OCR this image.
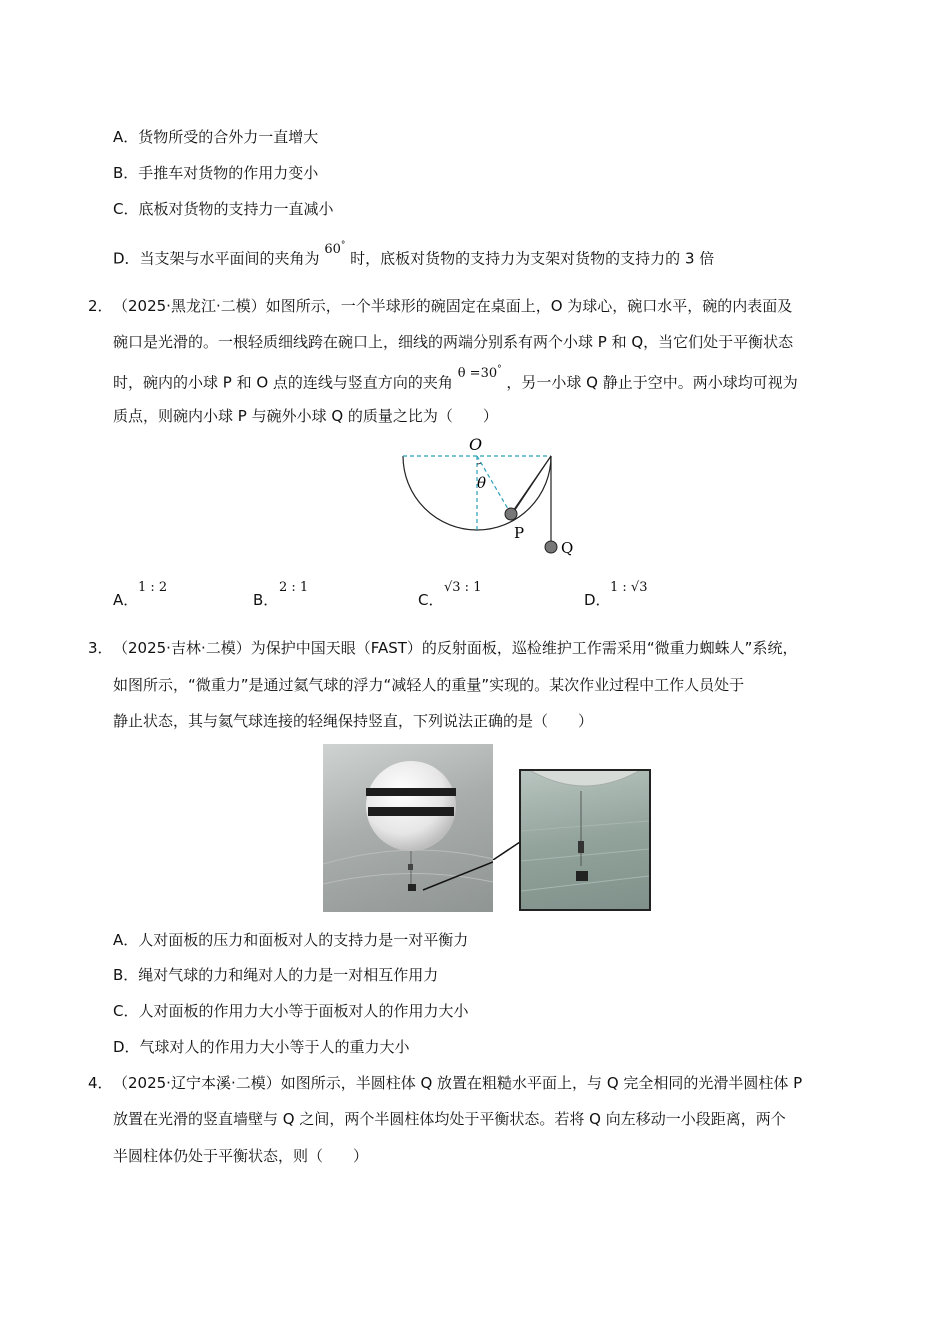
A．货物所受的合外力一直增大
B．手推车对货物的作用力变小
C．底板对货物的支持力一直减小
D．当支架与水平面间的夹角为 60° 时，底板对货物的支持力为支架对货物的支持力的 3 倍
2． （2025·黑龙江·二模）如图所示，一个半球形的碗固定在桌面上，O 为球心，碗口水平，碗的内表面及
碗口是光滑的。一根轻质细线跨在碗口上，细线的两端分别系有两个小球 P 和 Q，当它们处于平衡状态
时，碗内的小球 P 和 O 点的连线与竖直方向的夹角 θ =30° ，另一小球 Q 静止于空中。两小球均可视为
质点，则碗内小球 P 与碗外小球 Q 的质量之比为（　　）
O
θ
P
Q
A．
1 : 2
B．
2 : 1
C．
√3 : 1
D．
1 : √3
3． （2025·吉林·二模）为保护中国天眼（FAST）的反射面板，巡检维护工作需采用“微重力蜘蛛人”系统，
如图所示，“微重力”是通过氦气球的浮力“减轻人的重量”实现的。某次作业过程中工作人员处于
静止状态，其与氦气球连接的轻绳保持竖直，下列说法正确的是（　　）
A．人对面板的压力和面板对人的支持力是一对平衡力
B．绳对气球的力和绳对人的力是一对相互作用力
C．人对面板的作用力大小等于面板对人的作用力大小
D．气球对人的作用力大小等于人的重力大小
4． （2025·辽宁本溪·二模）如图所示，半圆柱体 Q 放置在粗糙水平面上，与 Q 完全相同的光滑半圆柱体 P
放置在光滑的竖直墙壁与 Q 之间，两个半圆柱体均处于平衡状态。若将 Q 向左移动一小段距离，两个
半圆柱体仍处于平衡状态，则（　　）
